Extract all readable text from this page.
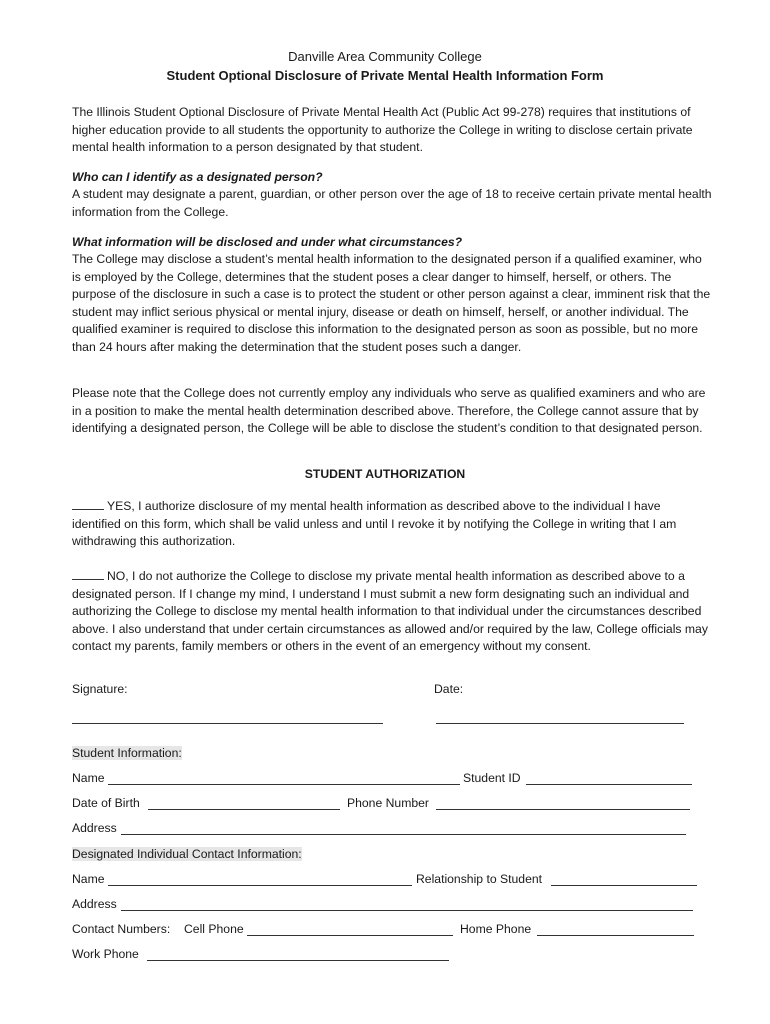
Danville Area Community College
Student Optional Disclosure of Private Mental Health Information Form
The Illinois Student Optional Disclosure of Private Mental Health Act (Public Act 99-278) requires that institutions of higher education provide to all students the opportunity to authorize the College in writing to disclose certain private mental health information to a person designated by that student.
Who can I identify as a designated person?
A student may designate a parent, guardian, or other person over the age of 18 to receive certain private mental health information from the College.
What information will be disclosed and under what circumstances?
The College may disclose a student’s mental health information to the designated person if a qualified examiner, who is employed by the College, determines that the student poses a clear danger to himself, herself, or others. The purpose of the disclosure in such a case is to protect the student or other person against a clear, imminent risk that the student may inflict serious physical or mental injury, disease or death on himself, herself, or another individual. The qualified examiner is required to disclose this information to the designated person as soon as possible, but no more than 24 hours after making the determination that the student poses such a danger.
Please note that the College does not currently employ any individuals who serve as qualified examiners and who are in a position to make the mental health determination described above. Therefore, the College cannot assure that by identifying a designated person, the College will be able to disclose the student’s condition to that designated person.
STUDENT AUTHORIZATION
YES, I authorize disclosure of my mental health information as described above to the individual I have identified on this form, which shall be valid unless and until I revoke it by notifying the College in writing that I am withdrawing this authorization.
NO, I do not authorize the College to disclose my private mental health information as described above to a designated person. If I change my mind, I understand I must submit a new form designating such an individual and authorizing the College to disclose my mental health information to that individual under the circumstances described above. I also understand that under certain circumstances as allowed and/or required by the law, College officials may contact my parents, family members or others in the event of an emergency without my consent.
Signature:	Date:
Student Information:
Name	Student ID
Date of Birth	Phone Number
Address
Designated Individual Contact Information:
Name	Relationship to Student
Address
Contact Numbers: Cell Phone	Home Phone
Work Phone
